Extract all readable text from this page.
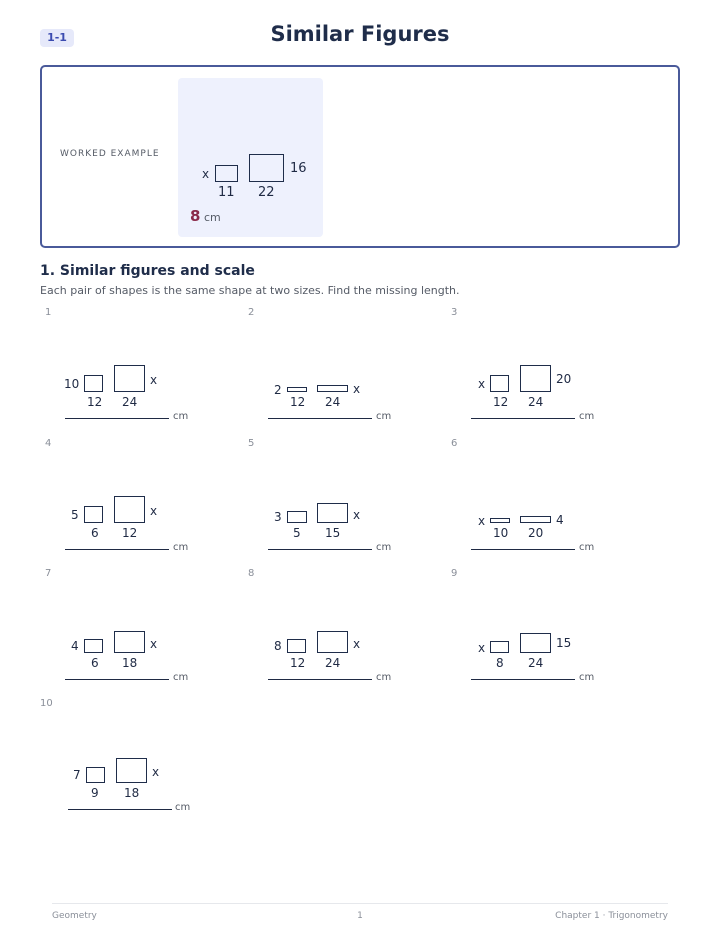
1-1	Similar Figures
WORKED EXAMPLE
x
11 22
16
8 cm
1. Similar figures and scale
Each pair of shapes is the same shape at two sizes. Find the missing length.
1
10
12 24
x
cm
2
2
12 24
x
cm
3
x
12 24
20
cm
4
5
6 12
x
cm
5
3
5 15
x
cm
6
x
10 20
4
cm
7
4
6 18
x
cm
8
8
12 24
x
cm
9
x
8 24
15
cm
10
7
9 18
x
cm
Geometry	1	Chapter 1 · Trigonometry
